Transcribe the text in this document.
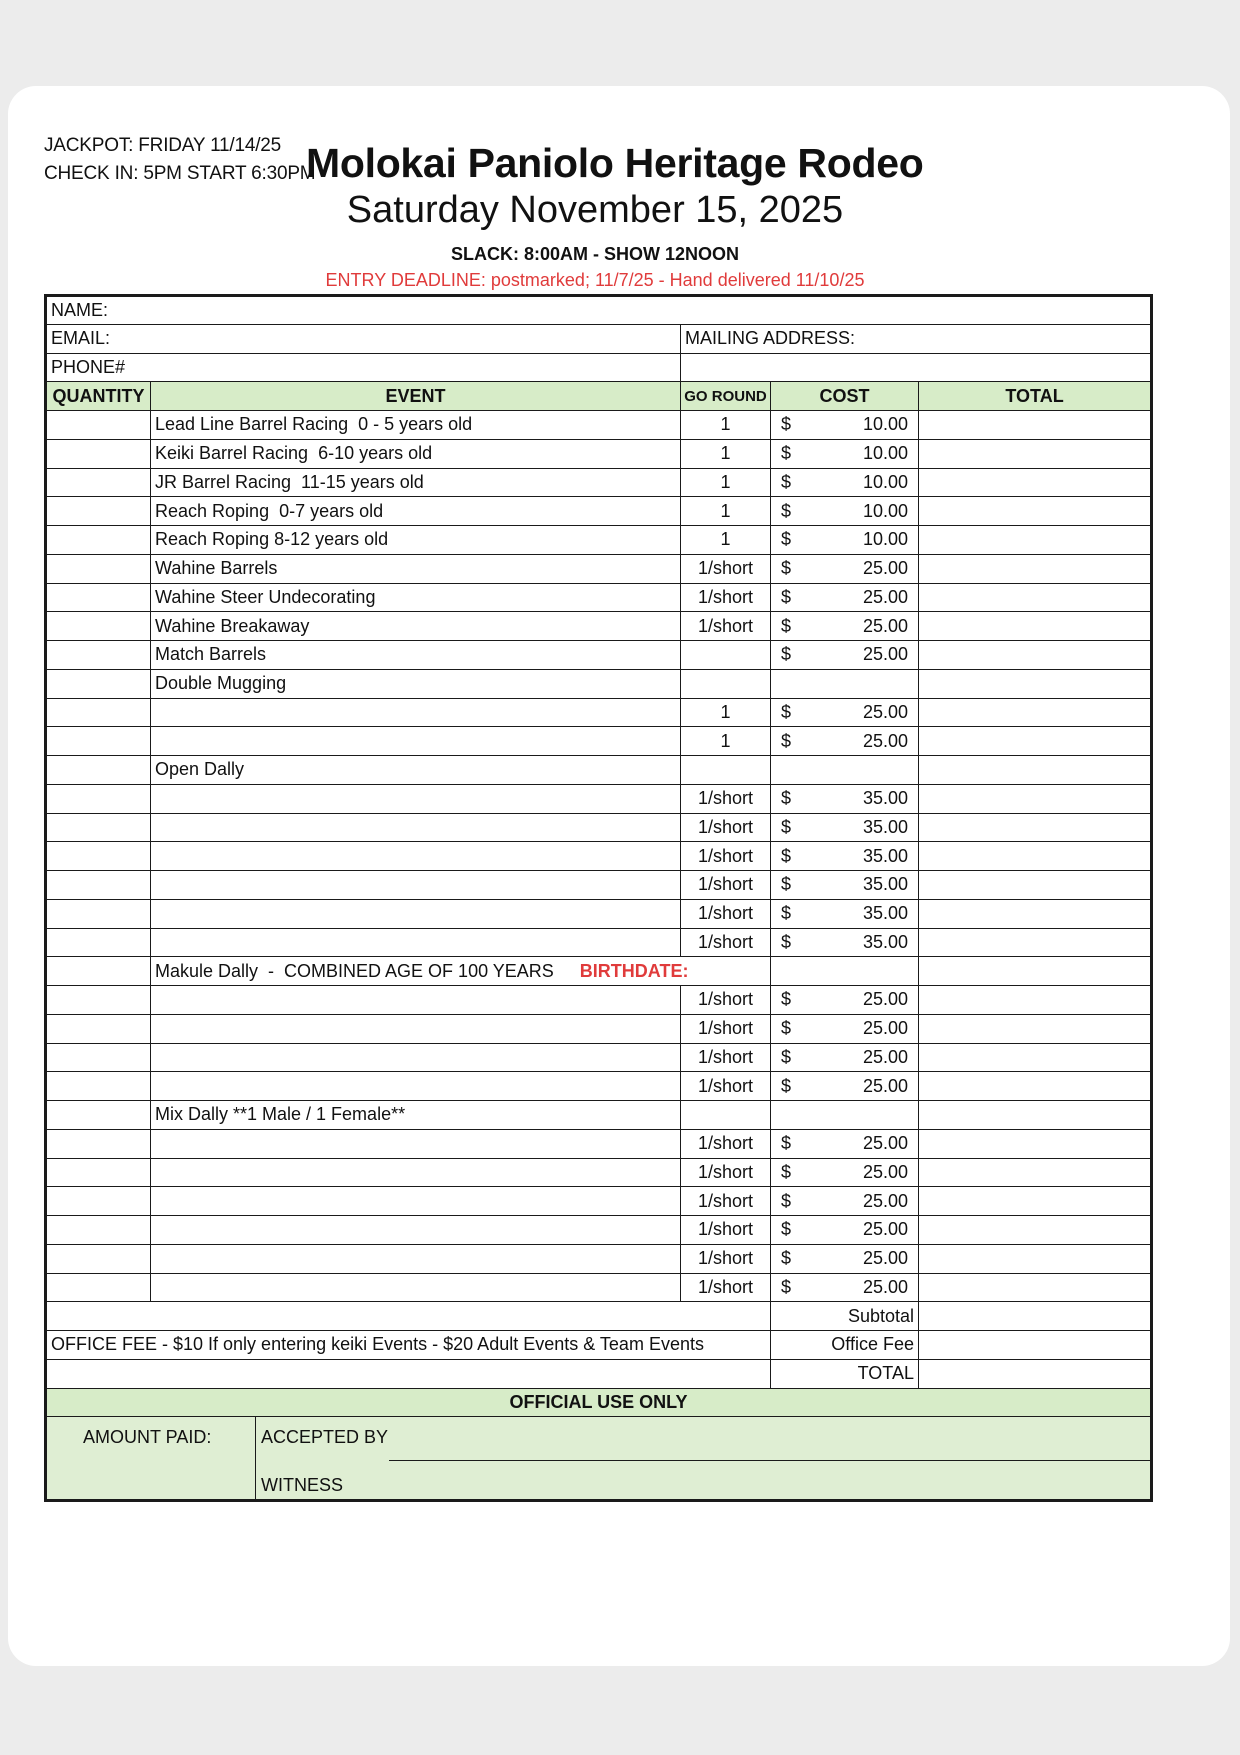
JACKPOT: FRIDAY 11/14/25
CHECK IN: 5PM START 6:30PM
Molokai Paniolo Heritage Rodeo
Saturday November 15, 2025
SLACK: 8:00AM - SHOW 12NOON
ENTRY DEADLINE: postmarked; 11/7/25 - Hand delivered 11/10/25
NAME:				
EMAIL:		MAILING ADDRESS:		
PHONE#				
QUANTITY	EVENT	GO ROUND	COST	TOTAL
	Lead Line Barrel Racing  0 - 5 years old	1	$ 10.00	

	Keiki Barrel Racing  6-10 years old	1	$ 10.00	

	JR Barrel Racing  11-15 years old	1	$ 10.00	

	Reach Roping  0-7 years old	1	$ 10.00	

	Reach Roping 8-12 years old	1	$ 10.00	

	Wahine Barrels	1/short	$ 25.00	

	Wahine Steer Undecorating	1/short	$ 25.00	

	Wahine Breakaway	1/short	$ 25.00	

	Match Barrels		$ 25.00	

	Double Mugging			
		1	$ 25.00	

		1	$ 25.00	

	Open Dally			
		1/short	$ 35.00	

		1/short	$ 35.00	

		1/short	$ 35.00	

		1/short	$ 35.00	

		1/short	$ 35.00	

		1/short	$ 35.00	

	Makule Dally  -  COMBINED AGE OF 100 YEARS BIRTHDATE:			
		1/short	$ 25.00	

		1/short	$ 25.00	

		1/short	$ 25.00	

		1/short	$ 25.00	

	Mix Dally **1 Male / 1 Female**			
		1/short	$ 25.00	

		1/short	$ 25.00	

		1/short	$ 25.00	

		1/short	$ 25.00	

		1/short	$ 25.00	

		1/short	$ 25.00	

			Subtotal	
OFFICE FEE - $10 If only entering keiki Events - $20 Adult Events & Team Events			Office Fee	
			TOTAL	
OFFICIAL USE ONLY				

AMOUNT PAID: ACCEPTED BY
WITNESS				
